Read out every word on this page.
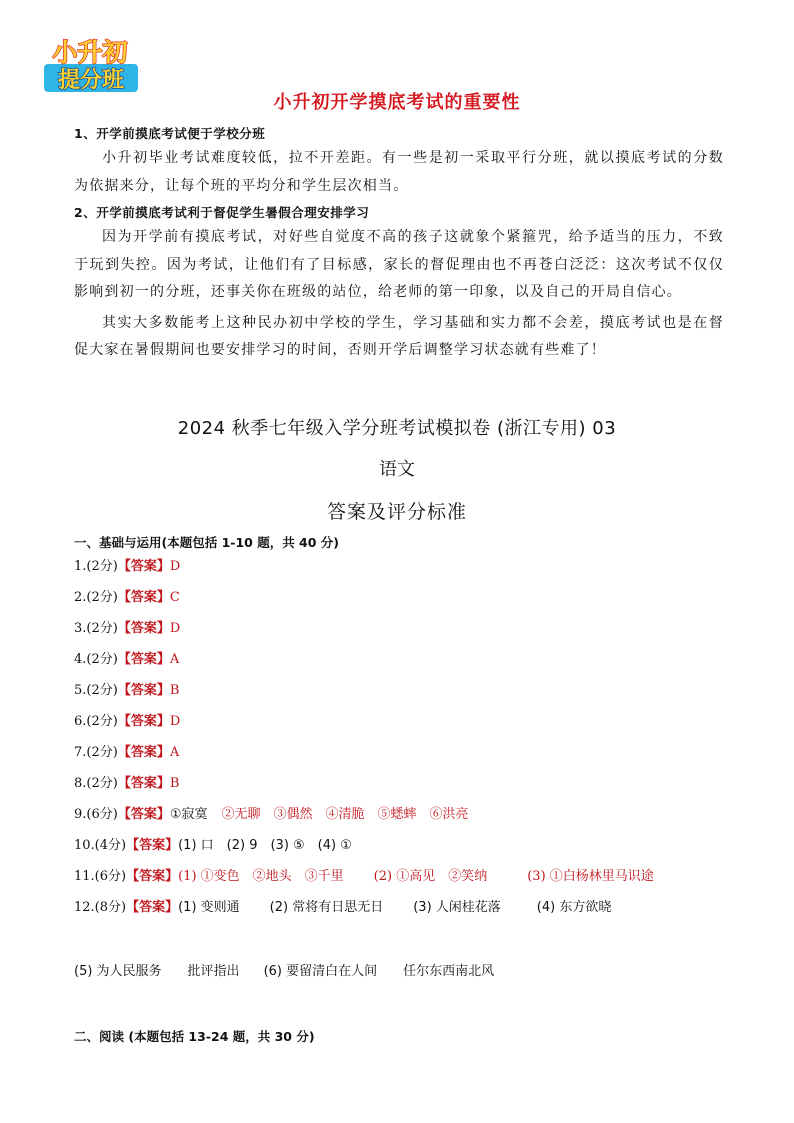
小升初
提分班
小升初开学摸底考试的重要性
1、开学前摸底考试便于学校分班

小升初毕业考试难度较低，拉不开差距。有一些是初一采取平行分班，就以摸底考试的分数为依据来分，让每个班的平均分和学生层次相当。

2、开学前摸底考试利于督促学生暑假合理安排学习

因为开学前有摸底考试，对好些自觉度不高的孩子这就象个紧箍咒，给予适当的压力，不致于玩到失控。因为考试，让他们有了目标感，家长的督促理由也不再苍白泛泛：这次考试不仅仅影响到初一的分班，还事关你在班级的站位，给老师的第一印象，以及自己的开局自信心。

其实大多数能考上这种民办初中学校的学生，学习基础和实力都不会差，摸底考试也是在督促大家在暑假期间也要安排学习的时间，否则开学后调整学习状态就有些难了！

2024 秋季七年级入学分班考试模拟卷 (浙江专用) 03
语文
答案及评分标准
一、基础与运用(本题包括 1-10 题，共 40 分)
1.(2分)【答案】D
2.(2分)【答案】C
3.(2分)【答案】D
4.(2分)【答案】A
5.(2分)【答案】B
6.(2分)【答案】D
7.(2分)【答案】A
8.(2分)【答案】B
9.(6分)【答案】①寂寞 ②无聊　③偶然　④清脆　⑤蟋蟀　⑥洪亮
10.(4分)【答案】(1) 口　(2) 9　(3) ⑤　(4) ①
11.(6分)【答案】(1) ①变色　②地头　③千里 (2) ①高见　②笑纳	(3) ①白杨林里马识途
12.(8分)【答案】(1) 变则通 (2) 常将有日思无日 (3) 人闲桂花落	(4) 东方欲晓
(5) 为人民服务　　批评指出 (6) 要留清白在人间　　任尔东西南北风
二、阅读 (本题包括 13-24 题，共 30 分)
